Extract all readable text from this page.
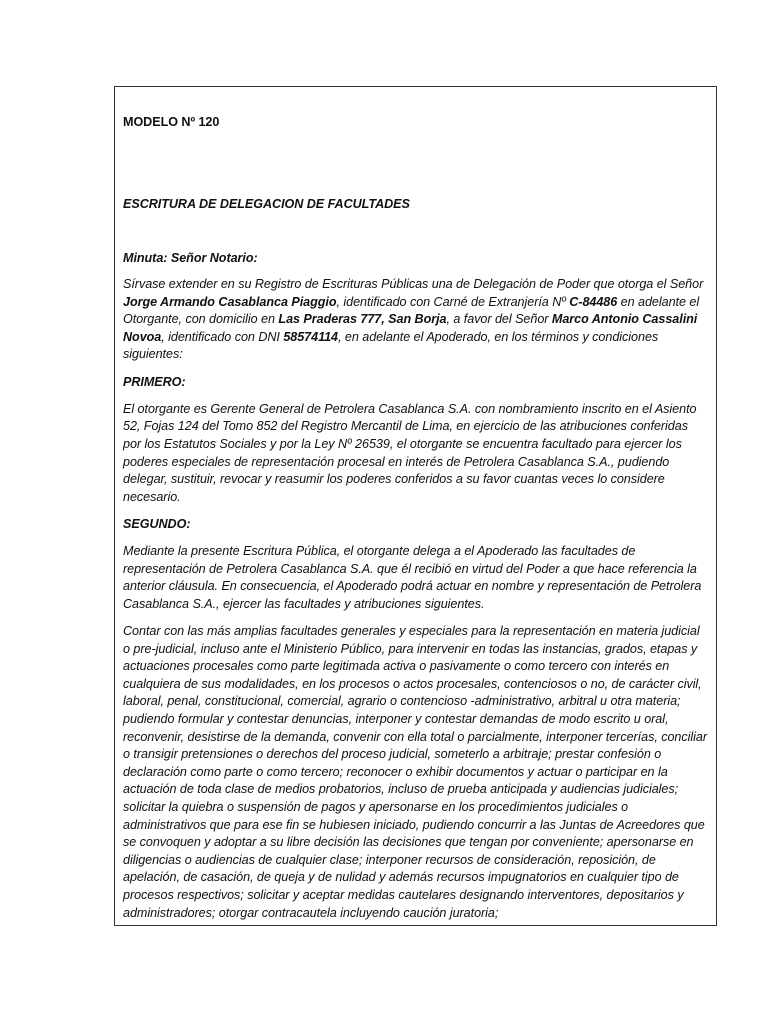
MODELO Nº 120

ESCRITURA DE DELEGACION DE FACULTADES

Minuta: Señor Notario:

Sírvase extender en su Registro de Escrituras Públicas una de Delegación de Poder que otorga el Señor Jorge Armando Casablanca Piaggio, identificado con Carné de Extranjería Nº C-84486 en adelante el Otorgante, con domicilio en Las Praderas 777, San Borja, a favor del Señor Marco Antonio Cassalini Novoa, identificado con DNI 58574114, en adelante el Apoderado, en los términos y condiciones siguientes:

PRIMERO:

El otorgante es Gerente General de Petrolera Casablanca S.A. con nombramiento inscrito en el Asiento 52, Fojas 124 del Tomo 852 del Registro Mercantil de Lima, en ejercicio de las atribuciones conferidas por los Estatutos Sociales y por la Ley Nº 26539, el otorgante se encuentra facultado para ejercer los poderes especiales de representación procesal en interés de Petrolera Casablanca S.A., pudiendo delegar, sustituir, revocar y reasumir los poderes conferidos a su favor cuantas veces lo considere necesario.

SEGUNDO:

Mediante la presente Escritura Pública, el otorgante delega a el Apoderado las facultades de representación de Petrolera Casablanca S.A. que él recibió en virtud del Poder a que hace referencia la anterior cláusula. En consecuencia, el Apoderado podrá actuar en nombre y representación de Petrolera Casablanca S.A., ejercer las facultades y atribuciones siguientes.

Contar con las más amplias facultades generales y especiales para la representación en materia judicial o pre-judicial, incluso ante el Ministerio Público, para intervenir en todas las instancias, grados, etapas y actuaciones procesales como parte legitimada activa o pasivamente o como tercero con interés en cualquiera de sus modalidades, en los procesos o actos procesales, contenciosos o no, de carácter civil, laboral, penal, constitucional, comercial, agrario o contencioso -administrativo, arbitral u otra materia; pudiendo formular y contestar denuncias, interponer y contestar demandas de modo escrito u oral, reconvenir, desistirse de la demanda, convenir con ella total o parcialmente, interponer tercerías, conciliar o transigir pretensiones o derechos del proceso judicial, someterlo a arbitraje; prestar confesión o declaración como parte o como tercero; reconocer o exhibir documentos y actuar o participar en la actuación de toda clase de medios probatorios, incluso de prueba anticipada y audiencias judiciales; solicitar la quiebra o suspensión de pagos y apersonarse en los procedimientos judiciales o administrativos que para ese fin se hubiesen iniciado, pudiendo concurrir a las Juntas de Acreedores que se convoquen y adoptar a su libre decisión las decisiones que tengan por conveniente; apersonarse en diligencias o audiencias de cualquier clase; interponer recursos de consideración, reposición, de apelación, de casación, de queja y de nulidad y además recursos impugnatorios en cualquier tipo de procesos respectivos; solicitar y aceptar medidas cautelares designando interventores, depositarios y administradores; otorgar contracautela incluyendo caución juratoria;
